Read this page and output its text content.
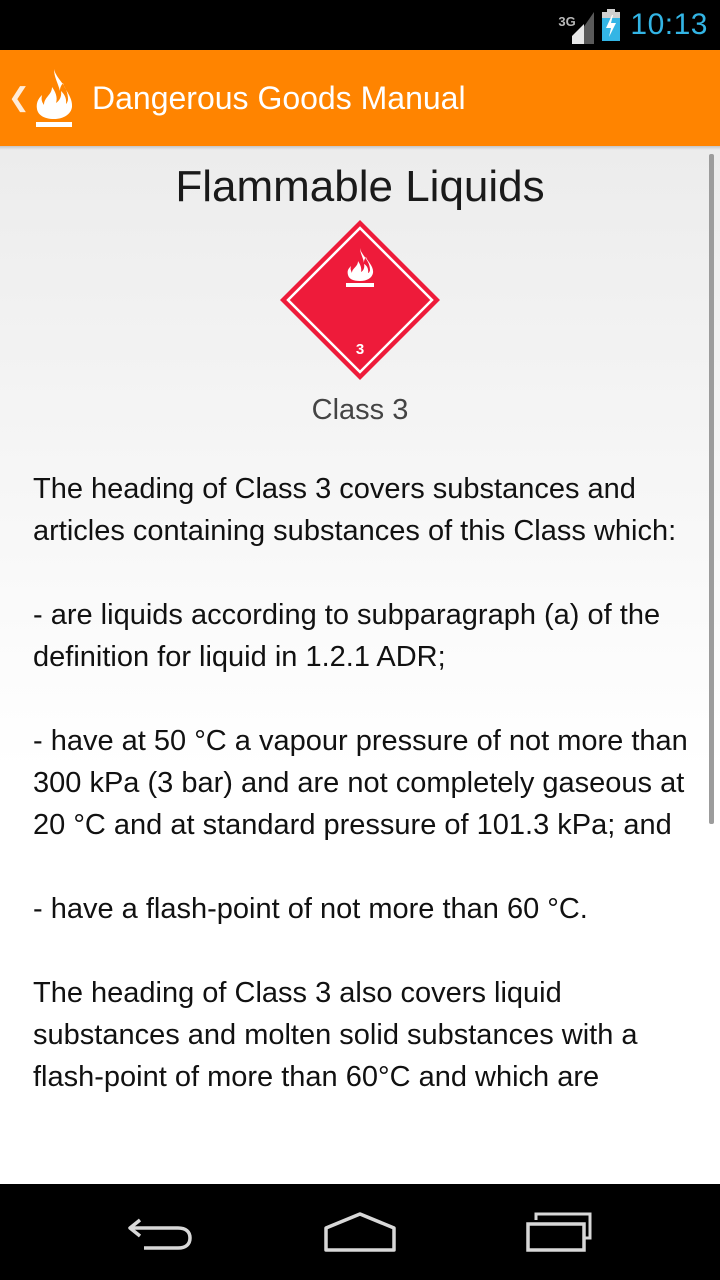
3G 10:13
❮ Dangerous Goods Manual
Flammable Liquids
3
Class 3

The heading of Class 3 covers substances and articles containing substances of this Class which:

- are liquids according to subparagraph (a) of the definition for liquid in 1.2.1 ADR;

- have at 50 °C a vapour pressure of not more than 300 kPa (3 bar) and are not completely gaseous at 20 °C and at standard pressure of 101.3 kPa; and

- have a flash-point of not more than 60 °C.

The heading of Class 3 also covers liquid substances and molten solid substances with a flash-point of more than 60°C and which are
